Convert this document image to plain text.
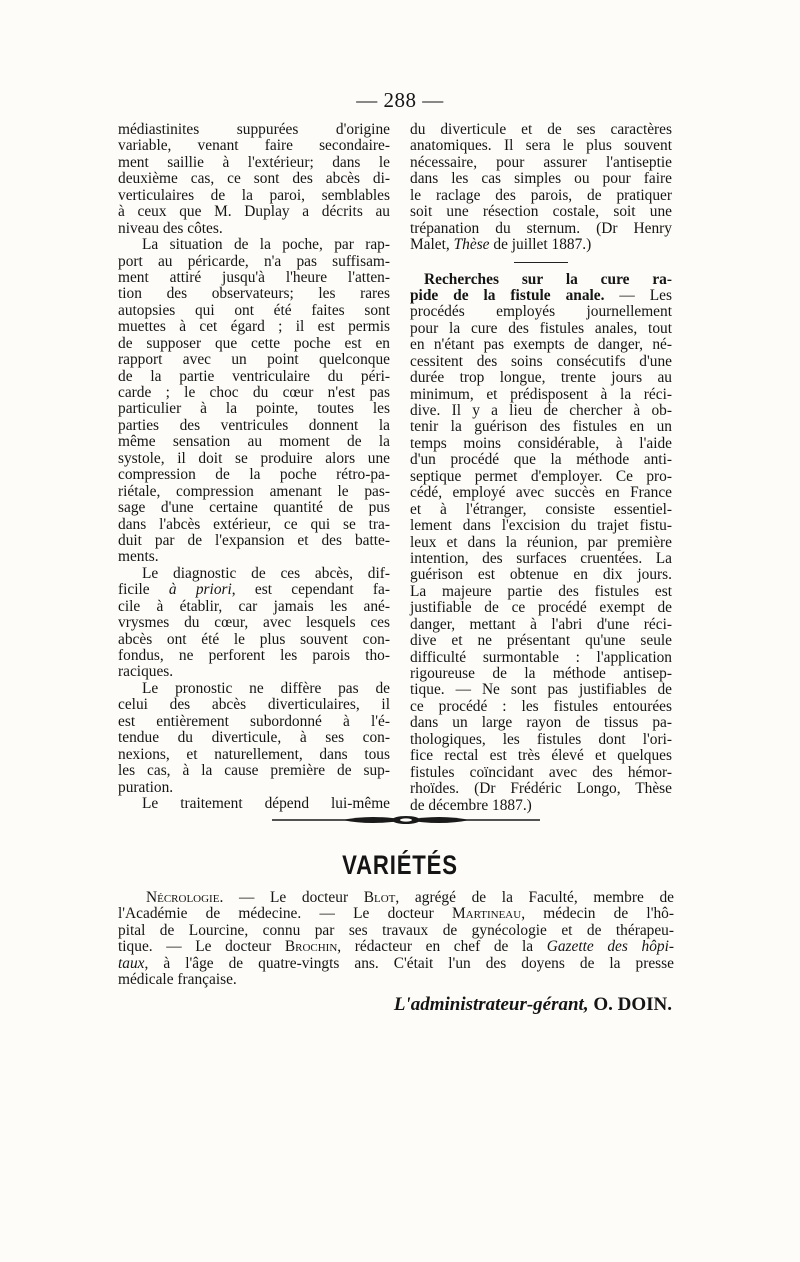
— 288 —
médiastinites suppurées d'origine
variable, venant faire secondaire-
ment saillie à l'extérieur; dans le
deuxième cas, ce sont des abcès di-
verticulaires de la paroi, semblables
à ceux que M. Duplay a décrits au
niveau des côtes.
La situation de la poche, par rap-
port au péricarde, n'a pas suffisam-
ment attiré jusqu'à l'heure l'atten-
tion des observateurs; les rares
autopsies qui ont été faites sont
muettes à cet égard ; il est permis
de supposer que cette poche est en
rapport avec un point quelconque
de la partie ventriculaire du péri-
carde ; le choc du cœur n'est pas
particulier à la pointe, toutes les
parties des ventricules donnent la
même sensation au moment de la
systole, il doit se produire alors une
compression de la poche rétro-pa-
riétale, compression amenant le pas-
sage d'une certaine quantité de pus
dans l'abcès extérieur, ce qui se tra-
duit par de l'expansion et des batte-
ments.
Le diagnostic de ces abcès, dif-
ficile à priori, est cependant fa-
cile à établir, car jamais les ané-
vrysmes du cœur, avec lesquels ces
abcès ont été le plus souvent con-
fondus, ne perforent les parois tho-
raciques.
Le pronostic ne diffère pas de
celui des abcès diverticulaires, il
est entièrement subordonné à l'é-
tendue du diverticule, à ses con-
nexions, et naturellement, dans tous
les cas, à la cause première de sup-
puration.
Le traitement dépend lui-même
du diverticule et de ses caractères
anatomiques. Il sera le plus souvent
nécessaire, pour assurer l'antiseptie
dans les cas simples ou pour faire
le raclage des parois, de pratiquer
soit une résection costale, soit une
trépanation du sternum. (Dr Henry
Malet, Thèse de juillet 1887.)
Recherches sur la cure ra-
pide de la fistule anale. — Les
procédés employés journellement
pour la cure des fistules anales, tout
en n'étant pas exempts de danger, né-
cessitent des soins consécutifs d'une
durée trop longue, trente jours au
minimum, et prédisposent à la réci-
dive. Il y a lieu de chercher à ob-
tenir la guérison des fistules en un
temps moins considérable, à l'aide
d'un procédé que la méthode anti-
septique permet d'employer. Ce pro-
cédé, employé avec succès en France
et à l'étranger, consiste essentiel-
lement dans l'excision du trajet fistu-
leux et dans la réunion, par première
intention, des surfaces cruentées. La
guérison est obtenue en dix jours.
La majeure partie des fistules est
justifiable de ce procédé exempt de
danger, mettant à l'abri d'une réci-
dive et ne présentant qu'une seule
difficulté surmontable : l'application
rigoureuse de la méthode antisep-
tique. — Ne sont pas justifiables de
ce procédé : les fistules entourées
dans un large rayon de tissus pa-
thologiques, les fistules dont l'ori-
fice rectal est très élevé et quelques
fistules coïncidant avec des hémor-
rhoïdes. (Dr Frédéric Longo, Thèse
de décembre 1887.)
VARIÉTÉS
Nécrologie. — Le docteur Blot, agrégé de la Faculté, membre de
l'Académie de médecine. — Le docteur Martineau, médecin de l'hô-
pital de Lourcine, connu par ses travaux de gynécologie et de thérapeu-
tique. — Le docteur Brochin, rédacteur en chef de la Gazette des hôpi-
taux, à l'âge de quatre-vingts ans. C'était l'un des doyens de la presse
médicale française.
L'administrateur-gérant, O. DOIN.
